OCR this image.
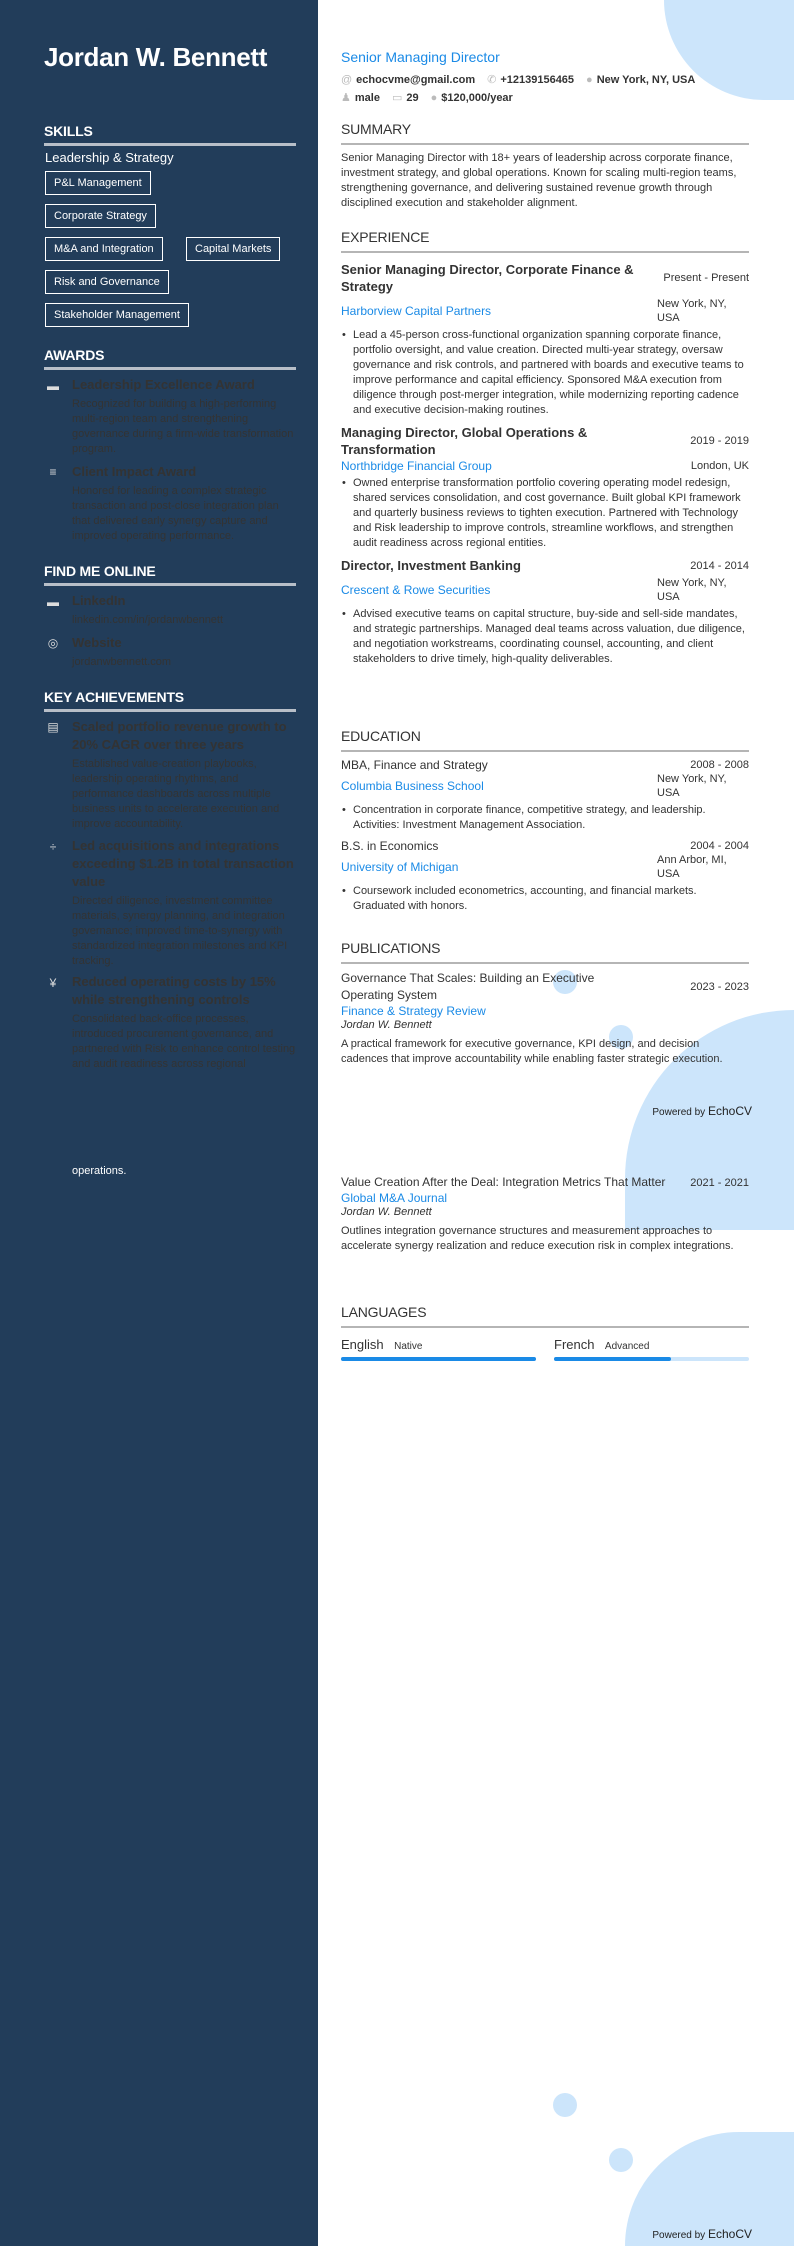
Jordan W. Bennett
SKILLS
Leadership & Strategy
P&L Management
Corporate Strategy
M&A and Integration	Capital Markets
Risk and Governance
Stakeholder Management
AWARDS
▬ Leadership Excellence Award
Recognized for building a high-performing multi-region team and strengthening governance during a firm-wide transformation program.
≡ Client Impact Award
Honored for leading a complex strategic transaction and post-close integration plan that delivered early synergy capture and improved operating performance.
FIND ME ONLINE
▬ LinkedIn
linkedin.com/in/jordanwbennett
◎ Website
jordanwbennett.com
KEY ACHIEVEMENTS
▤ Scaled portfolio revenue growth to 20% CAGR over three years
Established value-creation playbooks, leadership operating rhythms, and performance dashboards across multiple business units to accelerate execution and improve accountability.
÷ Led acquisitions and integrations exceeding $1.2B in total transaction value
Directed diligence, investment committee materials, synergy planning, and integration governance; improved time-to-synergy with standardized integration milestones and KPI tracking.
¥ Reduced operating costs by 15% while strengthening controls
Consolidated back-office processes, introduced procurement governance, and partnered with Risk to enhance control testing and audit readiness across regional
operations.
Senior Managing Director
@ echocvme@gmail.com ✆ +12139156465 ● New York, NY, USA
♟ male ▭ 29 ● $120,000/year
SUMMARY
Senior Managing Director with 18+ years of leadership across corporate finance, investment strategy, and global operations. Known for scaling multi-region teams, strengthening governance, and delivering sustained revenue growth through disciplined execution and stakeholder alignment.
EXPERIENCE
Senior Managing Director, Corporate Finance & Strategy
Present - Present
Harborview Capital Partners	New York, NY, USA
• Lead a 45-person cross-functional organization spanning corporate finance, portfolio oversight, and value creation. Directed multi-year strategy, oversaw governance and risk controls, and partnered with boards and executive teams to improve performance and capital efficiency. Sponsored M&A execution from diligence through post-merger integration, while modernizing reporting cadence and executive decision-making routines.
Managing Director, Global Operations & Transformation
2019 - 2019
Northbridge Financial Group	London, UK
• Owned enterprise transformation portfolio covering operating model redesign, shared services consolidation, and cost governance. Built global KPI framework and quarterly business reviews to tighten execution. Partnered with Technology and Risk leadership to improve controls, streamline workflows, and strengthen audit readiness across regional entities.
Director, Investment Banking	2014 - 2014
Crescent & Rowe Securities	New York, NY, USA
• Advised executive teams on capital structure, buy-side and sell-side mandates, and strategic partnerships. Managed deal teams across valuation, due diligence, and negotiation workstreams, coordinating counsel, accounting, and client stakeholders to drive timely, high-quality deliverables.
EDUCATION
MBA, Finance and Strategy	2008 - 2008
Columbia Business School	New York, NY, USA
• Concentration in corporate finance, competitive strategy, and leadership. Activities: Investment Management Association.
B.S. in Economics	2004 - 2004
University of Michigan	Ann Arbor, MI, USA
• Coursework included econometrics, accounting, and financial markets. Graduated with honors.
PUBLICATIONS
Governance That Scales: Building an Executive Operating System
2023 - 2023
Finance & Strategy Review
Jordan W. Bennett
A practical framework for executive governance, KPI design, and decision cadences that improve accountability while enabling faster strategic execution.
Powered by EchoCV
Value Creation After the Deal: Integration Metrics That Matter	2021 - 2021
Global M&A Journal
Jordan W. Bennett
Outlines integration governance structures and measurement approaches to accelerate synergy realization and reduce execution risk in complex integrations.
LANGUAGES
English Native	French Advanced
Powered by EchoCV
